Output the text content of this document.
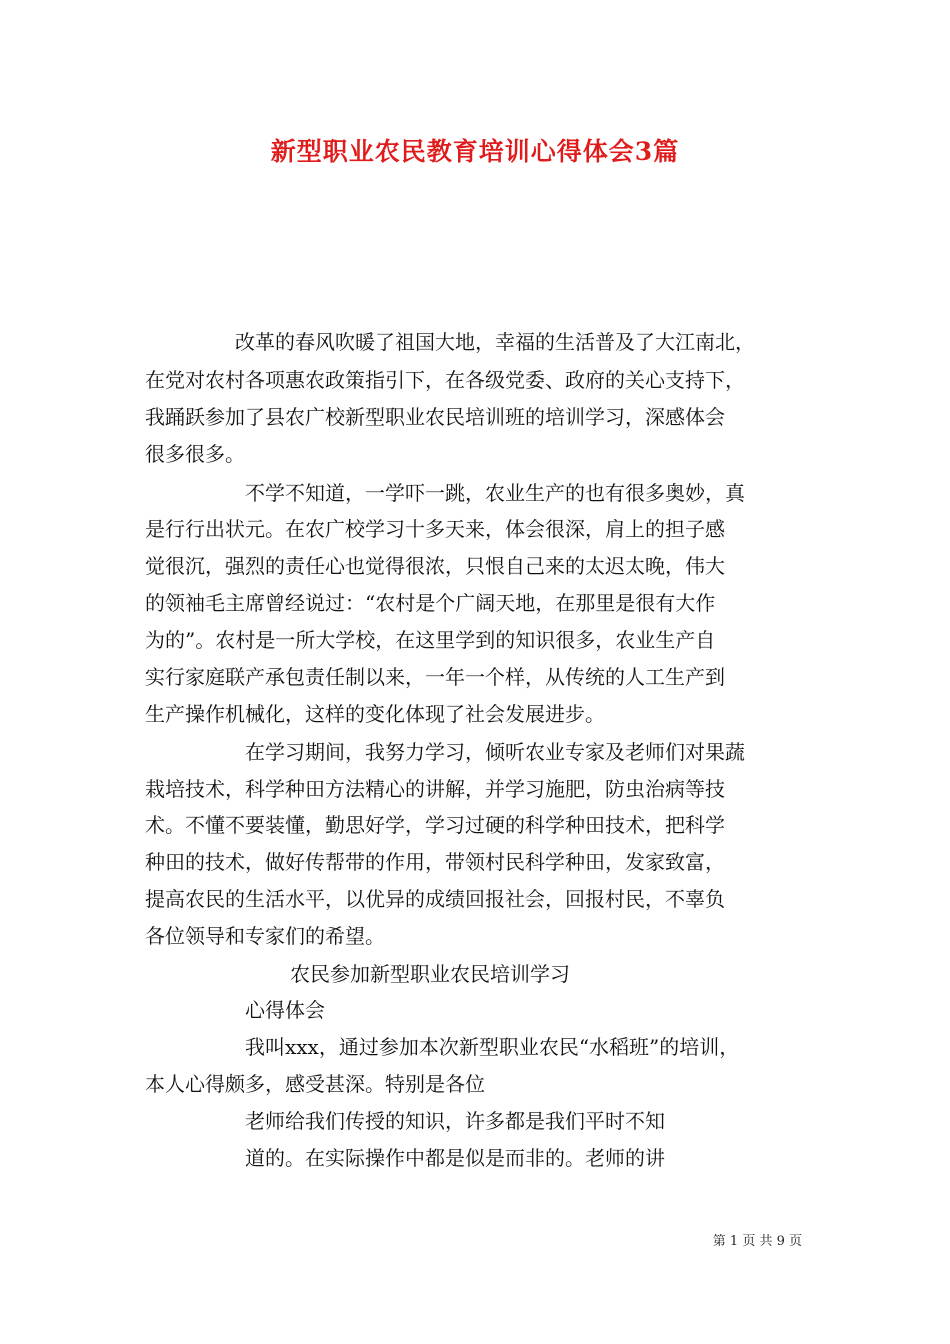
新型职业农民教育培训心得体会3篇
改革的春风吹暖了祖国大地，幸福的生活普及了大江南北，
在党对农村各项惠农政策指引下，在各级党委、政府的关心支持下，
我踊跃参加了县农广校新型职业农民培训班的培训学习，深感体会
很多很多。
不学不知道，一学吓一跳，农业生产的也有很多奥妙，真
是行行出状元。在农广校学习十多天来，体会很深，肩上的担子感
觉很沉，强烈的责任心也觉得很浓，只恨自己来的太迟太晚，伟大
的领袖毛主席曾经说过：“农村是个广阔天地，在那里是很有大作
为的”。农村是一所大学校，在这里学到的知识很多，农业生产自
实行家庭联产承包责任制以来，一年一个样，从传统的人工生产到
生产操作机械化，这样的变化体现了社会发展进步。
在学习期间，我努力学习，倾听农业专家及老师们对果蔬
栽培技术，科学种田方法精心的讲解，并学习施肥，防虫治病等技
术。不懂不要装懂，勤思好学，学习过硬的科学种田技术，把科学
种田的技术，做好传帮带的作用，带领村民科学种田，发家致富，
提高农民的生活水平，以优异的成绩回报社会，回报村民，不辜负
各位领导和专家们的希望。
农民参加新型职业农民培训学习
心得体会
我叫xxx，通过参加本次新型职业农民“水稻班”的培训，
本人心得颇多，感受甚深。特别是各位
老师给我们传授的知识，许多都是我们平时不知
道的。在实际操作中都是似是而非的。老师的讲
第 1 页 共 9 页
